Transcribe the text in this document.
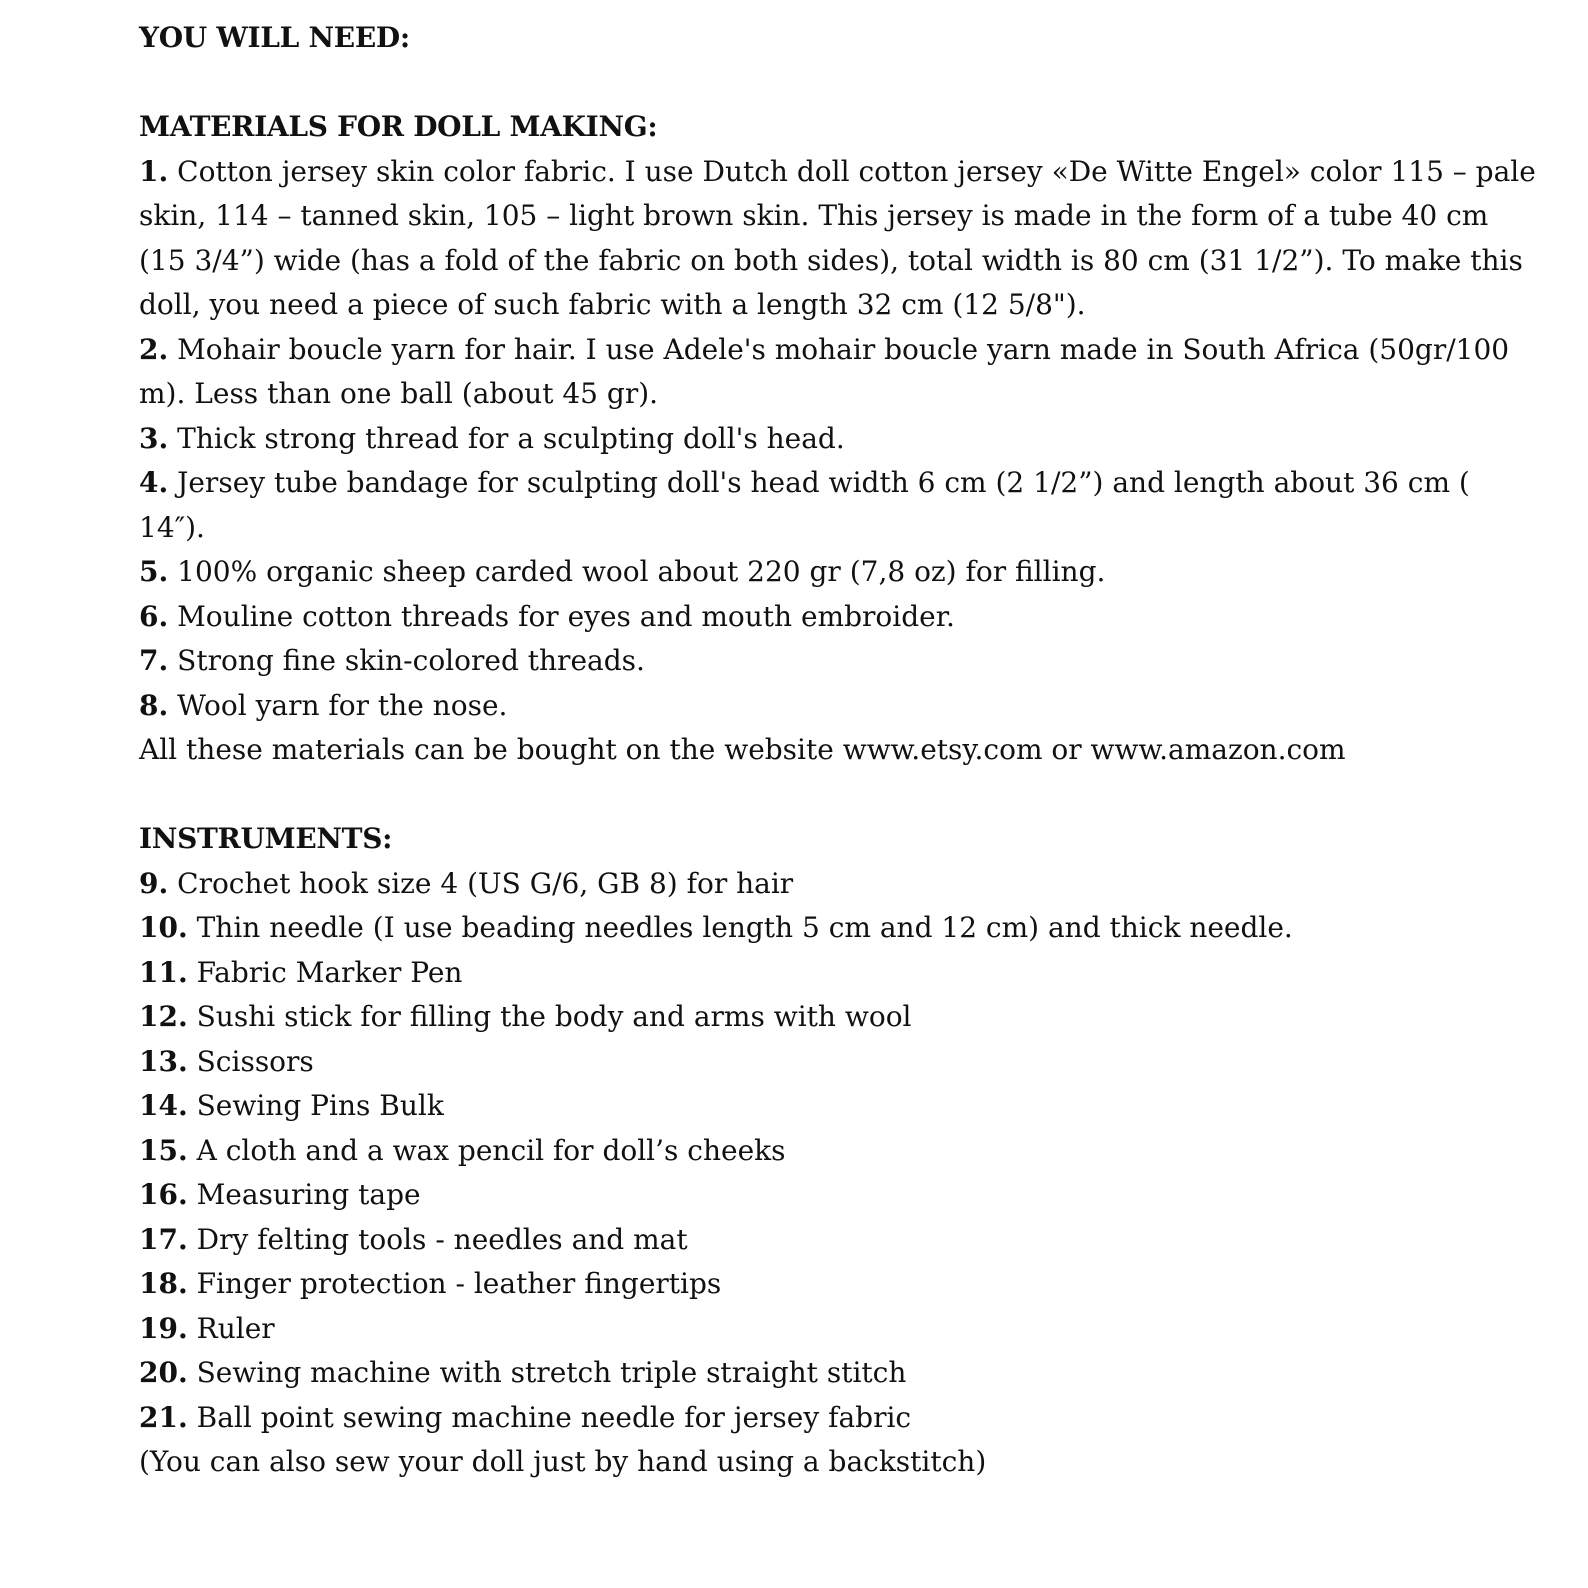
YOU WILL NEED:
MATERIALS FOR DOLL MAKING:

1. Cotton jersey skin color fabric. I use Dutch doll cotton jersey «De Witte Engel» color 115 – pale skin, 114 – tanned skin, 105 – light brown skin. This jersey is made in the form of a tube 40 cm (15 3/4”) wide (has a fold of the fabric on both sides), total width is 80 cm (31 1/2”). To make this doll, you need a piece of such fabric with a length 32 cm (12 5/8").

2. Mohair boucle yarn for hair. I use Adele's mohair boucle yarn made in South Africa (50gr/100 m). Less than one ball (about 45 gr).

3. Thick strong thread for a sculpting doll's head.

4. Jersey tube bandage for sculpting doll's head width 6 cm (2 1/2”) and length about 36 cm ( 14″).

5. 100% organic sheep carded wool about 220 gr (7,8 oz) for filling.

6. Mouline cotton threads for eyes and mouth embroider.

7. Strong fine skin-colored threads.

8. Wool yarn for the nose.

All these materials can be bought on the website www.etsy.com or www.amazon.com

INSTRUMENTS:

9. Crochet hook size 4 (US G/6, GB 8) for hair

10. Thin needle (I use beading needles length 5 cm and 12 cm) and thick needle.

11. Fabric Marker Pen

12. Sushi stick for filling the body and arms with wool

13. Scissors

14. Sewing Pins Bulk

15. A cloth and a wax pencil for doll’s cheeks

16. Measuring tape

17. Dry felting tools - needles and mat

18. Finger protection - leather fingertips

19. Ruler

20. Sewing machine with stretch triple straight stitch

21. Ball point sewing machine needle for jersey fabric

(You can also sew your doll just by hand using a backstitch)
